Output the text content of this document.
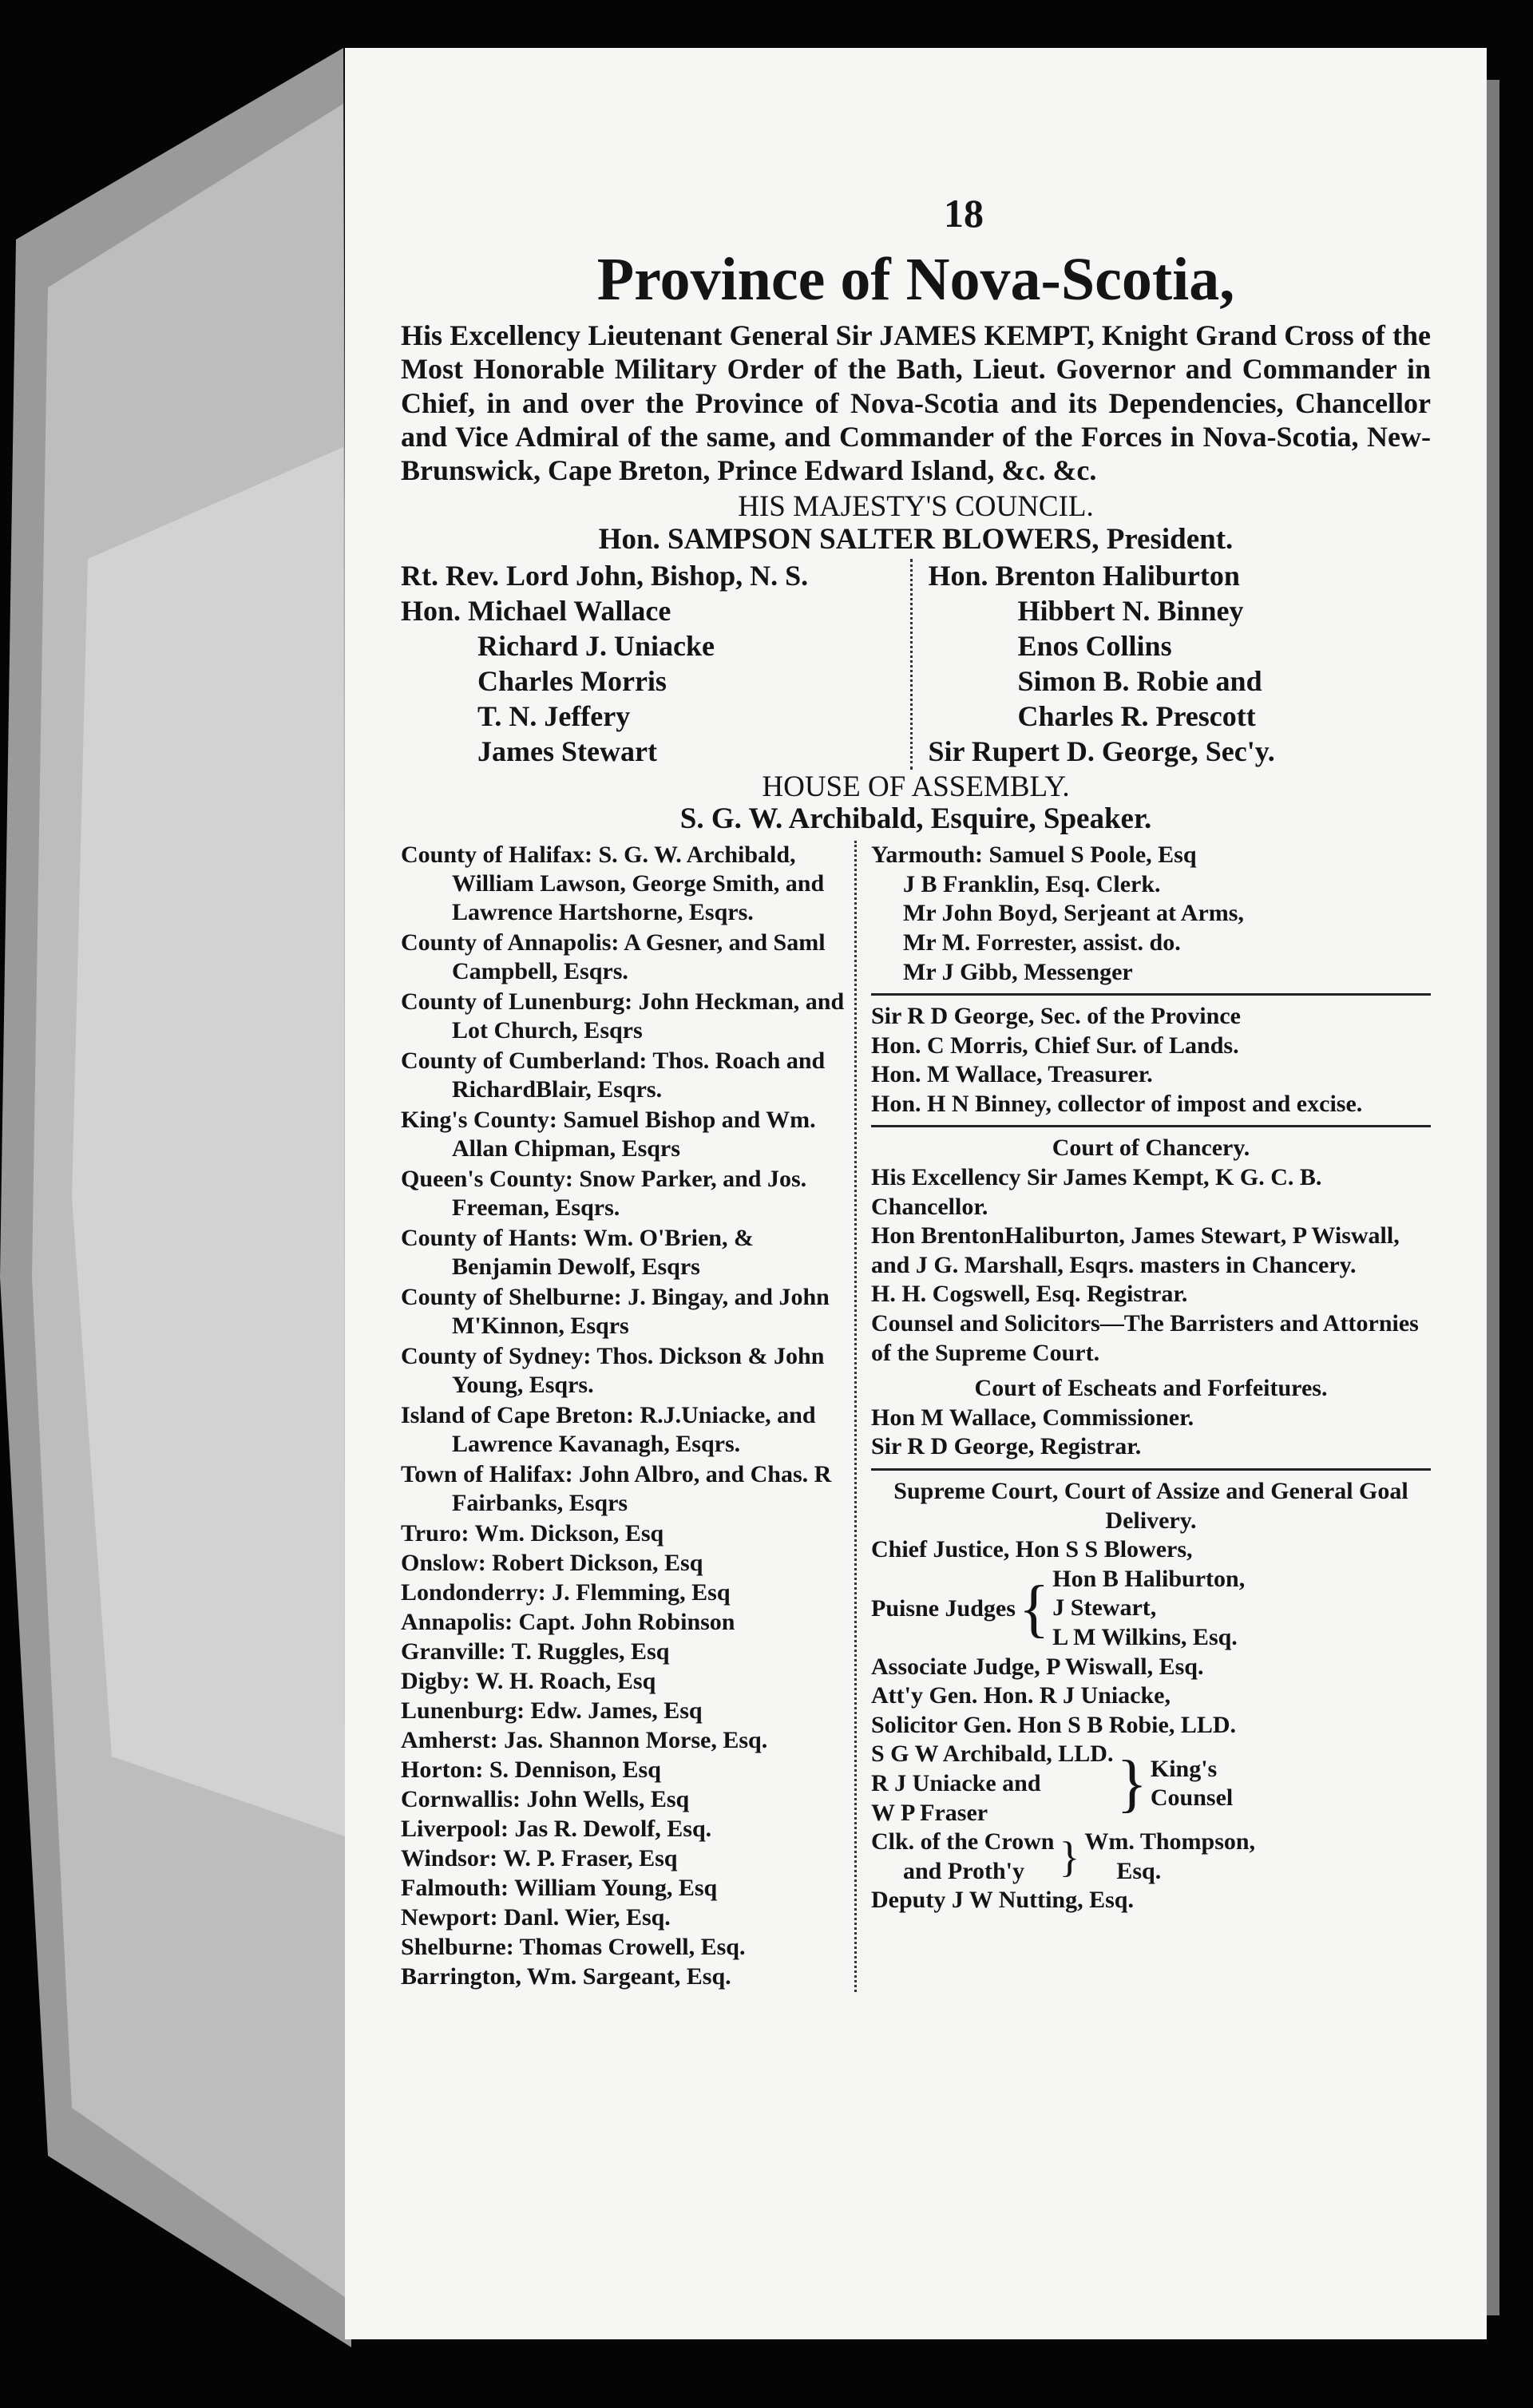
18
Province of Nova-Scotia,
His Excellency Lieutenant General Sir JAMES KEMPT, Knight Grand Cross of the Most Honorable Military Order of the Bath, Lieut. Governor and Commander in Chief, in and over the Province of Nova-Scotia and its Dependencies, Chancellor and Vice Admiral of the same, and Commander of the Forces in Nova-Scotia, New-Brunswick, Cape Breton, Prince Edward Island, &c. &c.
HIS MAJESTY'S COUNCIL.
Hon. SAMPSON SALTER BLOWERS, President.
Rt. Rev. Lord John, Bishop, N. S.
Hon. Michael Wallace
Richard J. Uniacke
Charles Morris
T. N. Jeffery
James Stewart
Hon. Brenton Haliburton
Hibbert N. Binney
Enos Collins
Simon B. Robie and
Charles R. Prescott
Sir Rupert D. George, Sec'y.
HOUSE OF ASSEMBLY.
S. G. W. Archibald, Esquire, Speaker.
County of Halifax: S. G. W. Archibald, William Lawson, George Smith, and Lawrence Hartshorne, Esqrs.
County of Annapolis: A Gesner, and Saml Campbell, Esqrs.
County of Lunenburg: John Heckman, and Lot Church, Esqrs
County of Cumberland: Thos. Roach and RichardBlair, Esqrs.
King's County: Samuel Bishop and Wm. Allan Chipman, Esqrs
Queen's County: Snow Parker, and Jos. Freeman, Esqrs.
County of Hants: Wm. O'Brien, & Benjamin Dewolf, Esqrs
County of Shelburne: J. Bingay, and John M'Kinnon, Esqrs
County of Sydney: Thos. Dickson & John Young, Esqrs.
Island of Cape Breton: R.J.Uniacke, and Lawrence Kavanagh, Esqrs.
Town of Halifax: John Albro, and Chas. R Fairbanks, Esqrs
Truro: Wm. Dickson, Esq
Onslow: Robert Dickson, Esq
Londonderry: J. Flemming, Esq
Annapolis: Capt. John Robinson
Granville: T. Ruggles, Esq
Digby: W. H. Roach, Esq
Lunenburg: Edw. James, Esq
Amherst: Jas. Shannon Morse, Esq.
Horton: S. Dennison, Esq
Cornwallis: John Wells, Esq
Liverpool: Jas R. Dewolf, Esq.
Windsor: W. P. Fraser, Esq
Falmouth: William Young, Esq
Newport: Danl. Wier, Esq.
Shelburne: Thomas Crowell, Esq.
Barrington, Wm. Sargeant, Esq.
Yarmouth: Samuel S Poole, Esq
J B Franklin, Esq. Clerk.
Mr John Boyd, Serjeant at Arms,
Mr M. Forrester, assist. do.
Mr J Gibb, Messenger
Sir R D George, Sec. of the Province
Hon. C Morris, Chief Sur. of Lands.
Hon. M Wallace, Treasurer.
Hon. H N Binney, collector of impost and excise.
Court of Chancery.
His Excellency Sir James Kempt, K G. C. B. Chancellor.
Hon BrentonHaliburton, James Stewart, P Wiswall, and J G. Marshall, Esqrs. masters in Chancery.
H. H. Cogswell, Esq. Registrar.
Counsel and Solicitors—The Barristers and Attornies of the Supreme Court.
Court of Escheats and Forfeitures.
Hon M Wallace, Commissioner.
Sir R D George, Registrar.
Supreme Court, Court of Assize and General Goal Delivery.
Chief Justice, Hon S S Blowers,
Puisne Judges { Hon B Haliburton,
J Stewart,
L M Wilkins, Esq.
Associate Judge, P Wiswall, Esq.
Att'y Gen. Hon. R J Uniacke,
Solicitor Gen. Hon S B Robie, LLD.
S G W Archibald, LLD.
R J Uniacke and
W P Fraser	} King's
Counsel
Clk. of the Crown
and Proth'y } Wm. Thompson,
Esq.
Deputy J W Nutting, Esq.
